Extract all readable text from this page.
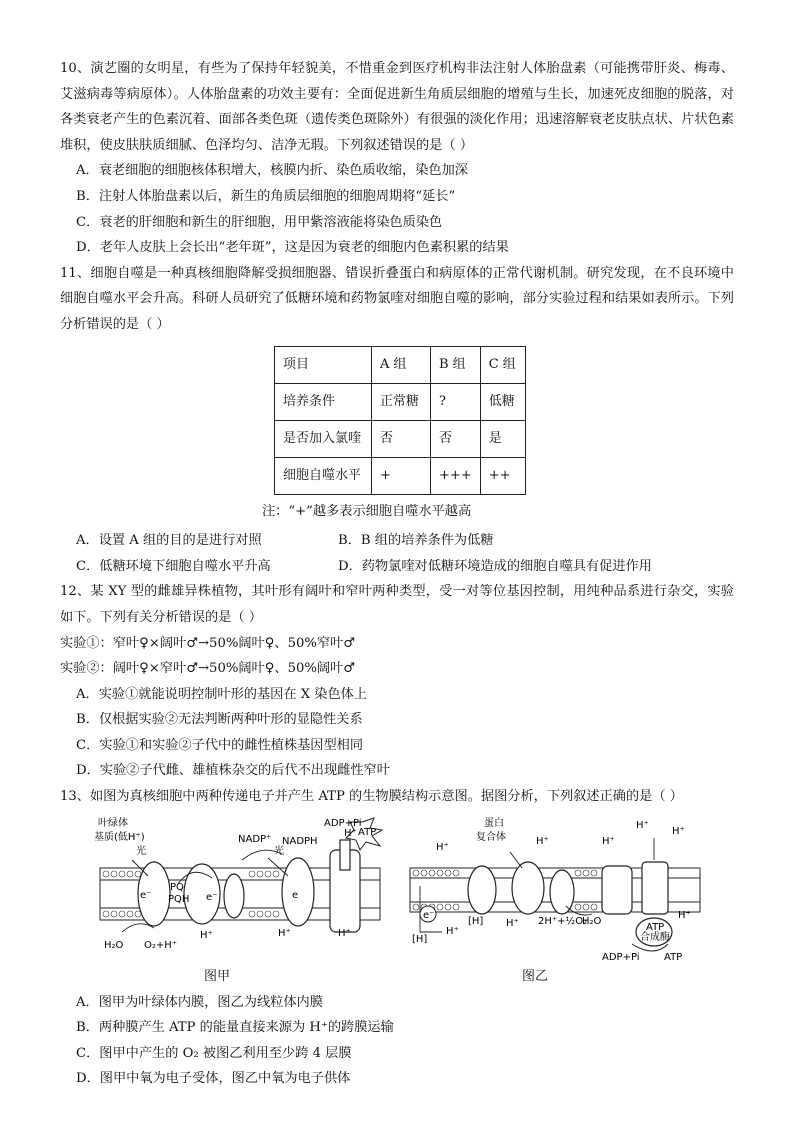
10、演艺圈的女明星，有些为了保持年轻貌美，不惜重金到医疗机构非法注射人体胎盘素（可能携带肝炎、梅毒、艾滋病毒等病原体）。人体胎盘素的功效主要有：全面促进新生角质层细胞的增殖与生长，加速死皮细胞的脱落，对各类衰老产生的色素沉着、面部各类色斑（遗传类色斑除外）有很强的淡化作用；迅速溶解衰老皮肤点状、片状色素堆积，使皮肤肤质细腻、色泽均匀、洁净无瑕。下列叙述错误的是（ ）

A．衰老细胞的细胞核体积增大，核膜内折、染色质收缩，染色加深

B．注射人体胎盘素以后，新生的角质层细胞的细胞周期将“延长”

C．衰老的肝细胞和新生的肝细胞，用甲紫溶液能将染色质染色

D．老年人皮肤上会长出“老年斑”，这是因为衰老的细胞内色素积累的结果

11、细胞自噬是一种真核细胞降解受损细胞器、错误折叠蛋白和病原体的正常代谢机制。研究发现，在不良环境中细胞自噬水平会升高。科研人员研究了低糖环境和药物氯喹对细胞自噬的影响，部分实验过程和结果如表所示。下列分析错误的是（ ）

项目	A 组	B 组	C 组
培养条件	正常糖	?	低糖
是否加入氯喹	否	否	是
细胞自噬水平	+	+++	++

注：“+”越多表示细胞自噬水平越高

A．设置 A 组的目的是进行对照	B．B 组的培养条件为低糖

C．低糖环境下细胞自噬水平升高	D．药物氯喹对低糖环境造成的细胞自噬具有促进作用

12、某 XY 型的雌雄异株植物，其叶形有阔叶和窄叶两种类型，受一对等位基因控制，用纯种品系进行杂交，实验如下。下列有关分析错误的是（ ）

实验①：窄叶♀×阔叶♂→50%阔叶♀、50%窄叶♂

实验②：阔叶♀×窄叶♂→50%阔叶♀、50%阔叶♂

A．实验①就能说明控制叶形的基因在 X 染色体上

B．仅根据实验②无法判断两种叶形的显隐性关系

C．实验①和实验②子代中的雌性植株基因型相同

D．实验②子代雌、雄植株杂交的后代不出现雌性窄叶

13、如图为真核细胞中两种传递电子并产生 ATP 的生物膜结构示意图。据图分析，下列叙述正确的是（ ）

ATP
ADP+Pi
叶绿体
基质(低H⁺)
光	光
NADP⁺ NADPH
PQ
PQH
e⁻	e⁻	e
H₂O O₂+H⁺
H⁺	H⁺	H⁺
H⁺
图甲
e⁻
蛋白
复合体
[H]
[H]	2H⁺+½O₂
H₂O
ATP
合成酶
ADP+Pi ATP
H⁺
H⁺	H⁺
H⁺
H⁺
H⁺
H⁺
H⁺
图乙

A．图甲为叶绿体内膜，图乙为线粒体内膜

B．两种膜产生 ATP 的能量直接来源为 H⁺的跨膜运输

C．图甲中产生的 O₂ 被图乙利用至少跨 4 层膜

D．图甲中氧为电子受体，图乙中氧为电子供体
